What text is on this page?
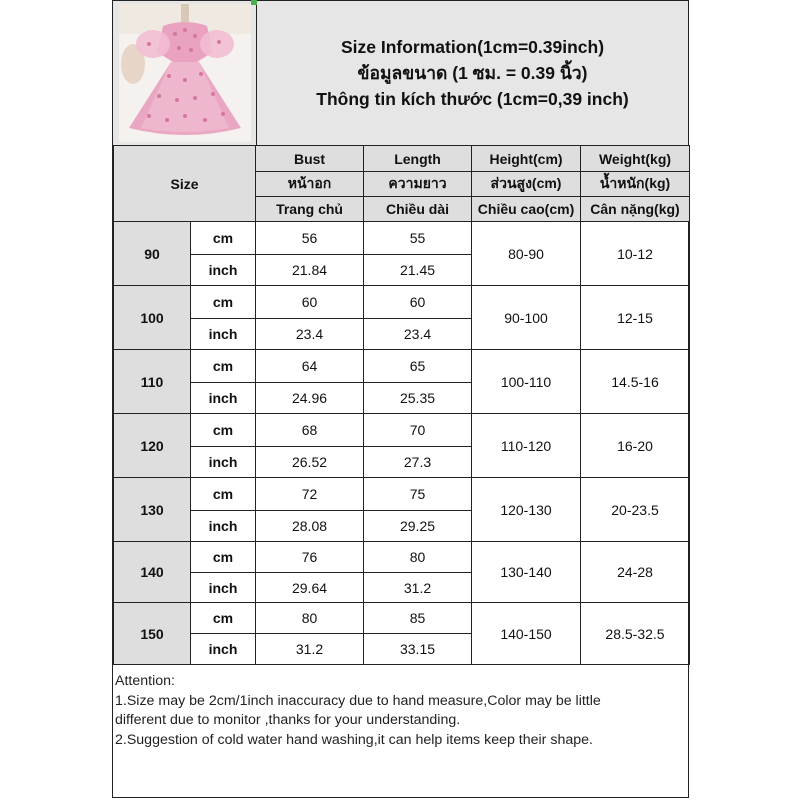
Size Information(1cm=0.39inch)
ข้อมูลขนาด (1 ซม. = 0.39 นิ้ว)
Thông tin kích thước (1cm=0,39 inch)
Size		Bust	Length	Height(cm)	Weight(kg)
		หน้าอก	ความยาว	ส่วนสูง(cm)	น้ำหนัก(kg)
		Trang chủ	Chiều dài	Chiều cao(cm)	Cân nặng(kg)
90	cm	56	55	80-90	10-12
	inch	21.84	21.45		
100	cm	60	60	90-100	12-15
	inch	23.4	23.4		
110	cm	64	65	100-110	14.5-16
	inch	24.96	25.35		
120	cm	68	70	110-120	16-20
	inch	26.52	27.3		
130	cm	72	75	120-130	20-23.5
	inch	28.08	29.25		
140	cm	76	80	130-140	24-28
	inch	29.64	31.2		
150	cm	80	85	140-150	28.5-32.5
	inch	31.2	33.15		
Attention:
1.Size may be 2cm/1inch inaccuracy due to hand measure,Color may be little
different due to monitor ,thanks for your understanding.
2.Suggestion of cold water hand washing,it can help items keep their shape.
